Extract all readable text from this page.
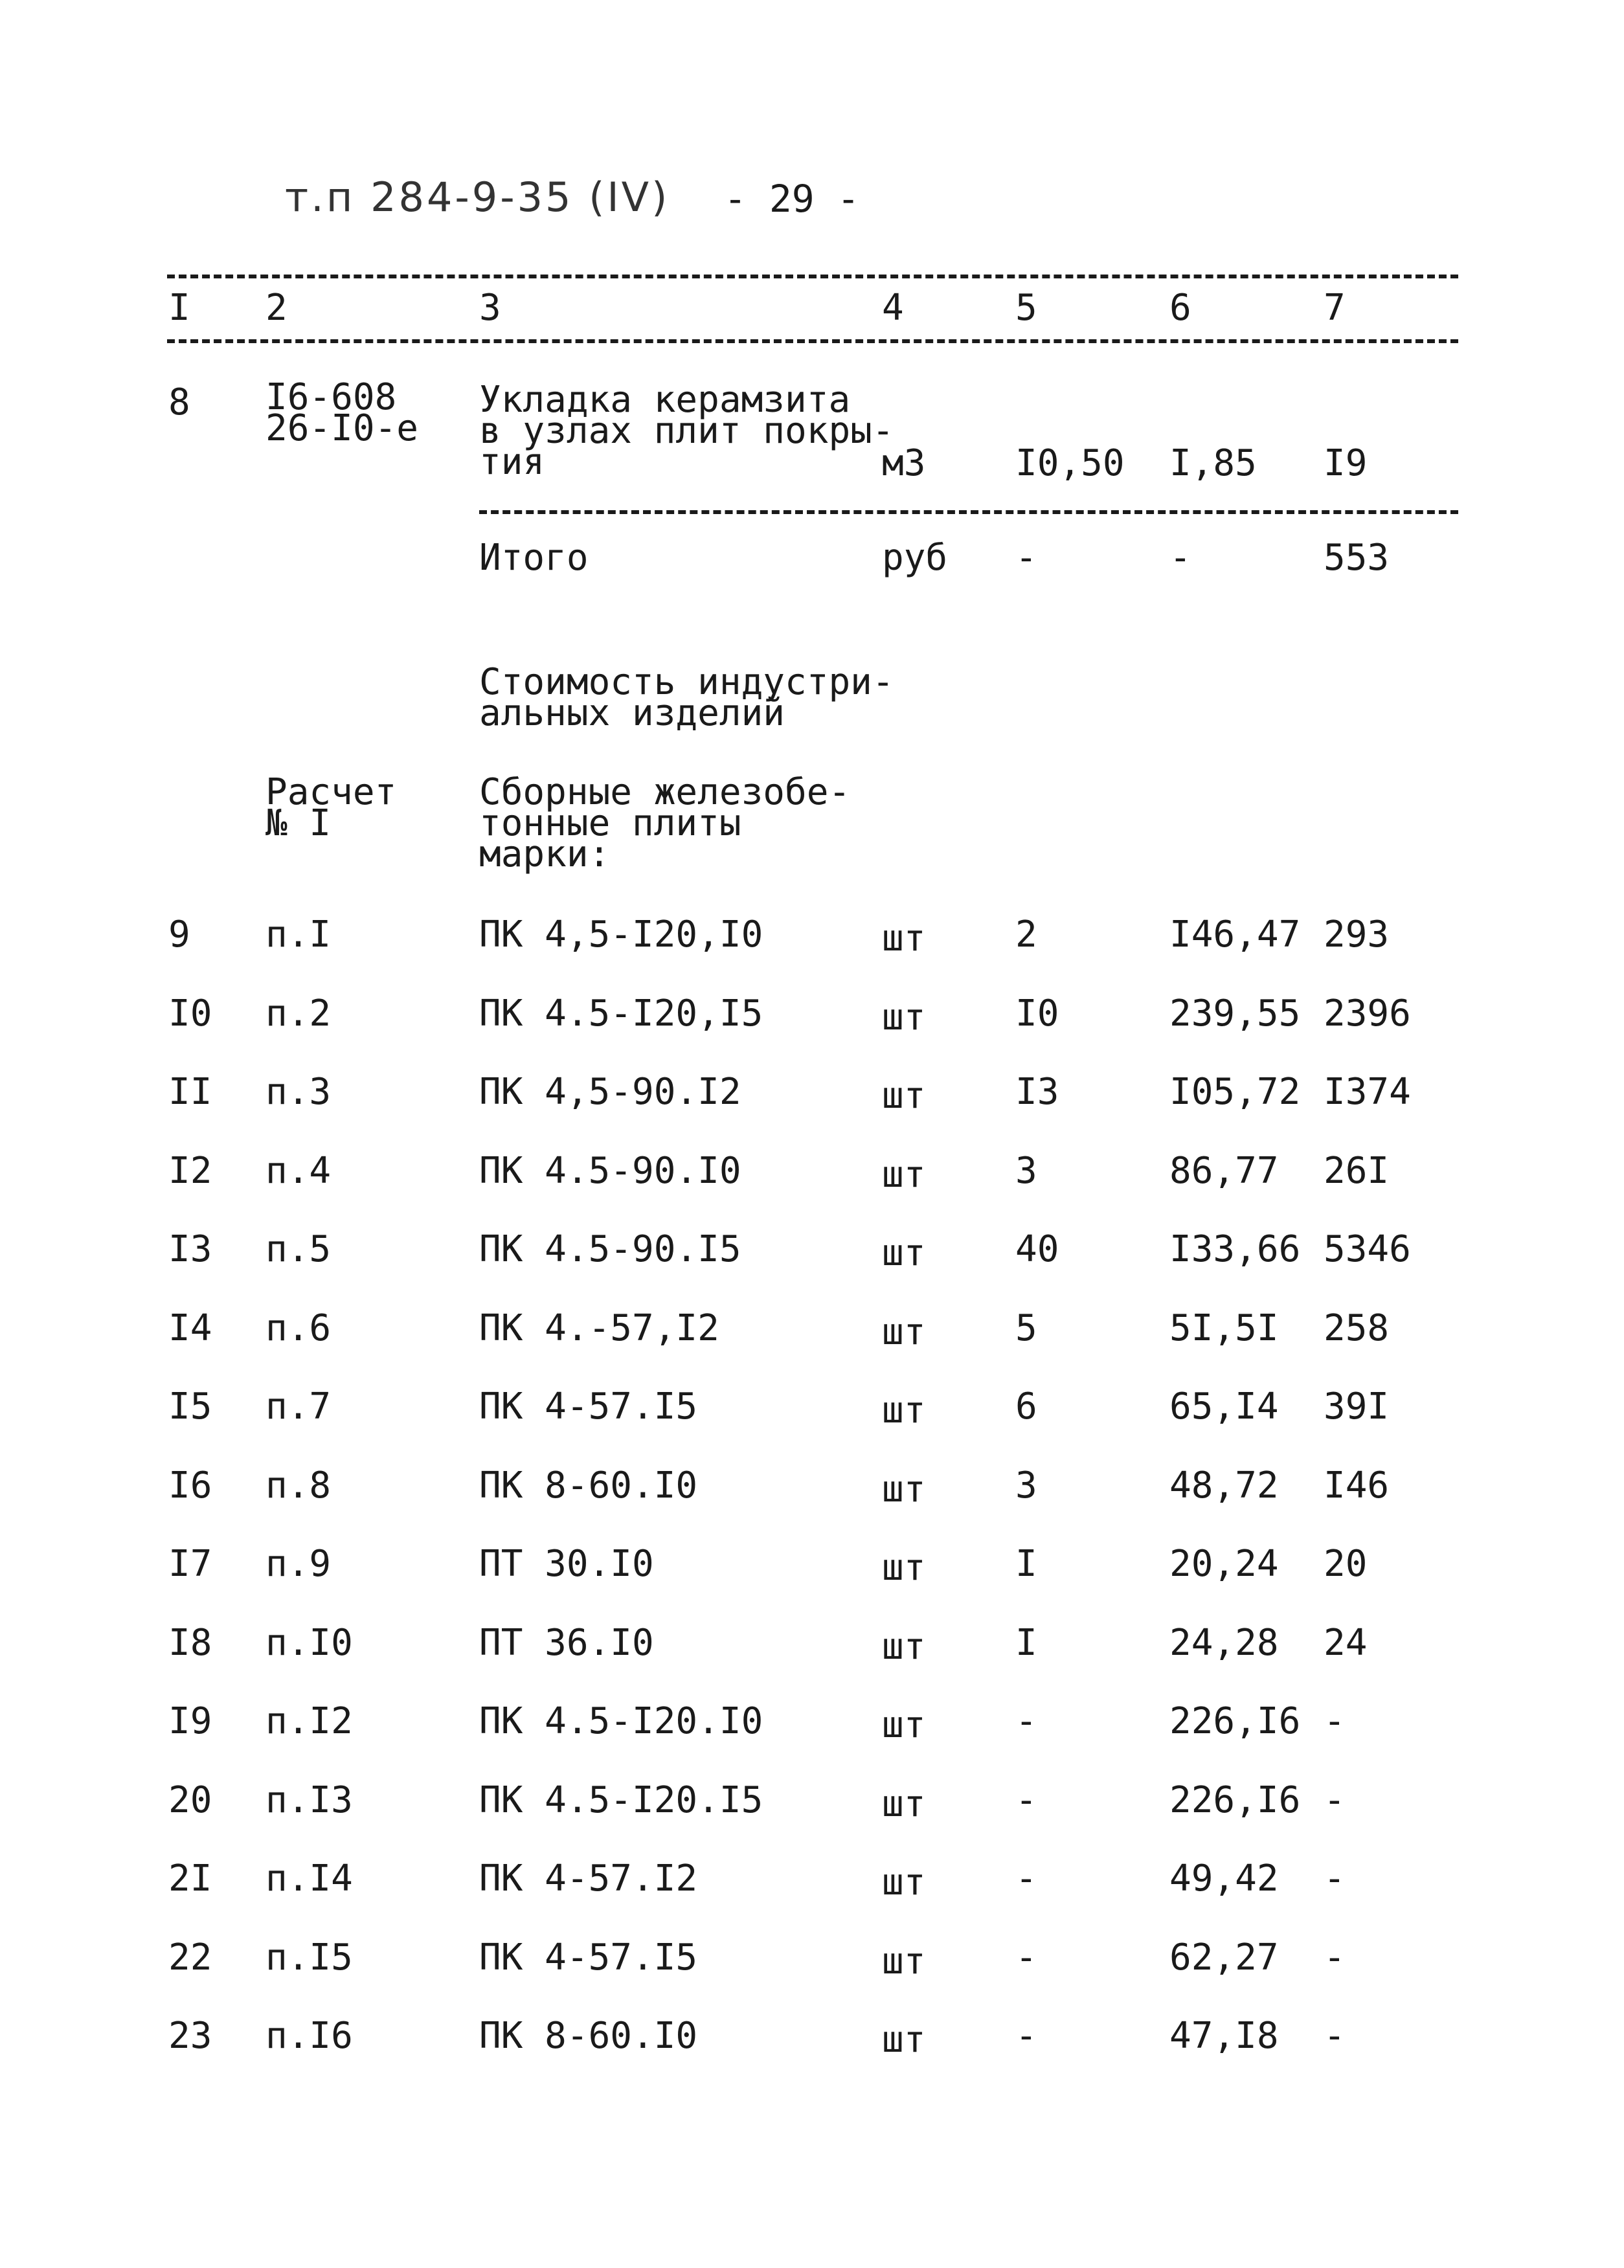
т.п 284-9-35 (IV) - 29 -
I 2	3	4	5	6	7
8 I6-608
26-I0-e
Укладка керамзита
в узлах плит покры-
тия	м3 I0,50 I,85 I9
Итого	руб -	-	553
Стоимость индустри-
альных изделий
Расчет
№ I
Сборные железобе-
тонные плиты
марки:
9 п.I	ПК 4,5-I20,I0	шт 2	I46,47 293
I0 п.2	ПК 4.5-I20,I5	шт I0	239,55 2396
II п.3	ПК 4,5-90.I2	шт I3	I05,72 I374
I2 п.4	ПК 4.5-90.I0	шт 3	86,77 26I
I3 п.5	ПК 4.5-90.I5	шт 40	I33,66 5346
I4 п.6	ПК 4.-57,I2	шт 5	5I,5I 258
I5 п.7	ПК 4-57.I5	шт 6	65,I4 39I
I6 п.8	ПК 8-60.I0	шт 3	48,72 I46
I7 п.9	ПТ 30.I0	шт I	20,24 20
I8 п.I0	ПТ 36.I0	шт I	24,28 24
I9 п.I2	ПК 4.5-I20.I0	шт -	226,I6 -
20 п.I3	ПК 4.5-I20.I5	шт -	226,I6 -
2I п.I4	ПК 4-57.I2	шт -	49,42 -
22 п.I5	ПК 4-57.I5	шт -	62,27 -
23 п.I6	ПК 8-60.I0	шт -	47,I8 -
